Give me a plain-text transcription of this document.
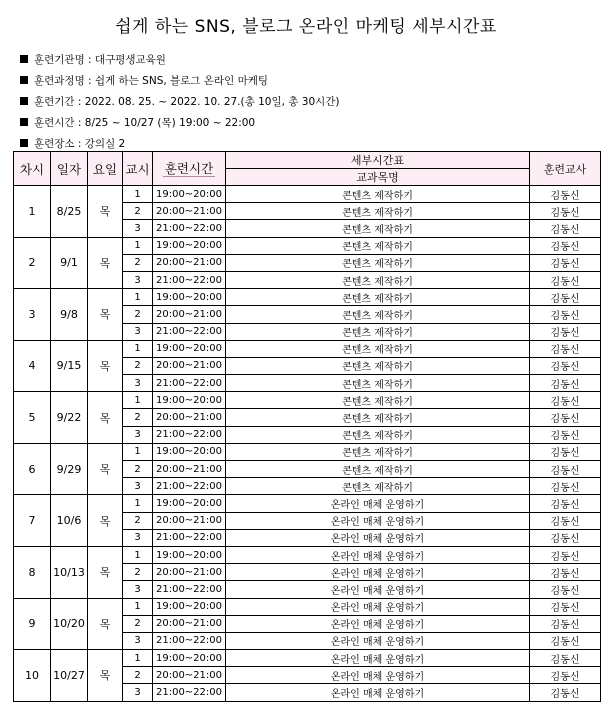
쉽게 하는 SNS, 블로그 온라인 마케팅 세부시간표
훈련기관명 : 대구평생교육원
훈련과정명 : 쉽게 하는 SNS, 블로그 온라인 마케팅
훈련기간 : 2022. 08. 25. ~ 2022. 10. 27.(총 10일, 총 30시간)
훈련시간 : 8/25 ~ 10/27 (목) 19:00 ~ 22:00
훈련장소 : 강의실 2
차시	일자	요일	교시	훈련시간	세부시간표	훈련교사
					교과목명	
1	8/25	목	1	19:00~20:00	콘텐츠 제작하기	김동신
			2	20:00~21:00	콘텐츠 제작하기	김동신
			3	21:00~22:00	콘텐츠 제작하기	김동신
2	9/1	목	1	19:00~20:00	콘텐츠 제작하기	김동신
			2	20:00~21:00	콘텐츠 제작하기	김동신
			3	21:00~22:00	콘텐츠 제작하기	김동신
3	9/8	목	1	19:00~20:00	콘텐츠 제작하기	김동신
			2	20:00~21:00	콘텐츠 제작하기	김동신
			3	21:00~22:00	콘텐츠 제작하기	김동신
4	9/15	목	1	19:00~20:00	콘텐츠 제작하기	김동신
			2	20:00~21:00	콘텐츠 제작하기	김동신
			3	21:00~22:00	콘텐츠 제작하기	김동신
5	9/22	목	1	19:00~20:00	콘텐츠 제작하기	김동신
			2	20:00~21:00	콘텐츠 제작하기	김동신
			3	21:00~22:00	콘텐츠 제작하기	김동신
6	9/29	목	1	19:00~20:00	콘텐츠 제작하기	김동신
			2	20:00~21:00	콘텐츠 제작하기	김동신
			3	21:00~22:00	콘텐츠 제작하기	김동신
7	10/6	목	1	19:00~20:00	온라인 매체 운영하기	김동신
			2	20:00~21:00	온라인 매체 운영하기	김동신
			3	21:00~22:00	온라인 매체 운영하기	김동신
8	10/13	목	1	19:00~20:00	온라인 매체 운영하기	김동신
			2	20:00~21:00	온라인 매체 운영하기	김동신
			3	21:00~22:00	온라인 매체 운영하기	김동신
9	10/20	목	1	19:00~20:00	온라인 매체 운영하기	김동신
			2	20:00~21:00	온라인 매체 운영하기	김동신
			3	21:00~22:00	온라인 매체 운영하기	김동신
10	10/27	목	1	19:00~20:00	온라인 매체 운영하기	김동신
			2	20:00~21:00	온라인 매체 운영하기	김동신
			3	21:00~22:00	온라인 매체 운영하기	김동신
